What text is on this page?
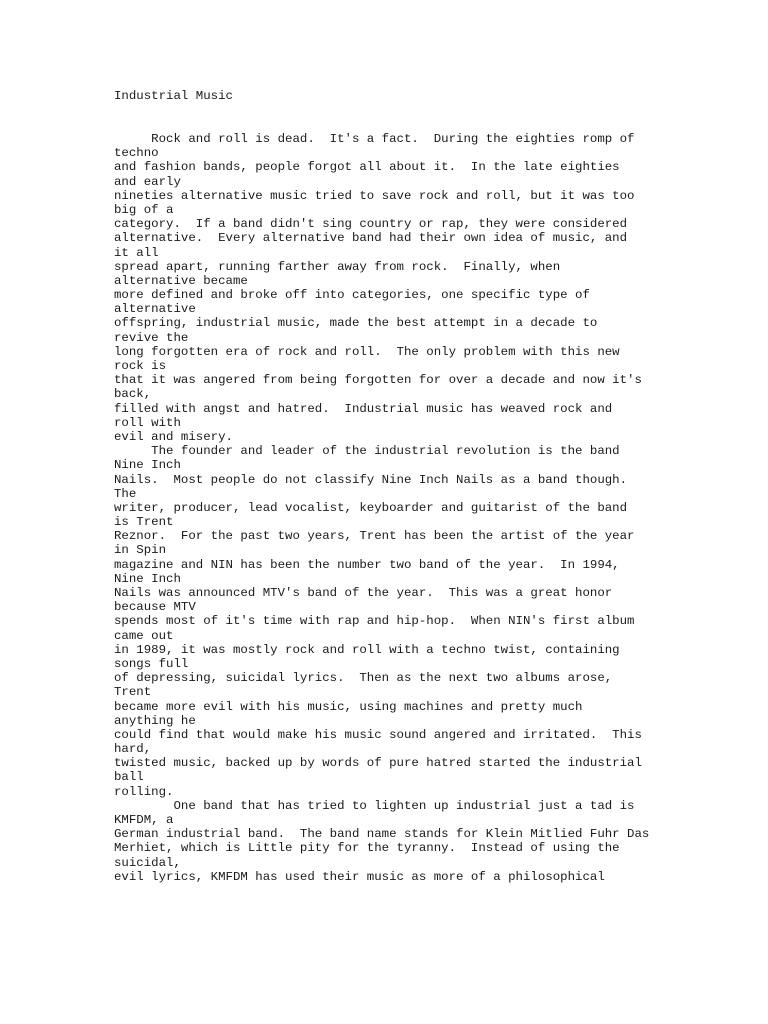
Industrial Music
Rock and roll is dead.  It's a fact.  During the eighties romp of
techno
and fashion bands, people forgot all about it.  In the late eighties
and early
nineties alternative music tried to save rock and roll, but it was too
big of a
category.  If a band didn't sing country or rap, they were considered
alternative.  Every alternative band had their own idea of music, and
it all
spread apart, running farther away from rock.  Finally, when
alternative became
more defined and broke off into categories, one specific type of
alternative
offspring, industrial music, made the best attempt in a decade to
revive the
long forgotten era of rock and roll.  The only problem with this new
rock is
that it was angered from being forgotten for over a decade and now it's
back,
filled with angst and hatred.  Industrial music has weaved rock and
roll with
evil and misery.
The founder and leader of the industrial revolution is the band
Nine Inch
Nails.  Most people do not classify Nine Inch Nails as a band though.
The
writer, producer, lead vocalist, keyboarder and guitarist of the band
is Trent
Reznor.  For the past two years, Trent has been the artist of the year
in Spin
magazine and NIN has been the number two band of the year.  In 1994,
Nine Inch
Nails was announced MTV's band of the year.  This was a great honor
because MTV
spends most of it's time with rap and hip-hop.  When NIN's first album
came out
in 1989, it was mostly rock and roll with a techno twist, containing
songs full
of depressing, suicidal lyrics.  Then as the next two albums arose,
Trent
became more evil with his music, using machines and pretty much
anything he
could find that would make his music sound angered and irritated.  This
hard,
twisted music, backed up by words of pure hatred started the industrial
ball
rolling.
One band that has tried to lighten up industrial just a tad is
KMFDM, a
German industrial band.  The band name stands for Klein Mitlied Fuhr Das
Merhiet, which is Little pity for the tyranny.  Instead of using the
suicidal,
evil lyrics, KMFDM has used their music as more of a philosophical
